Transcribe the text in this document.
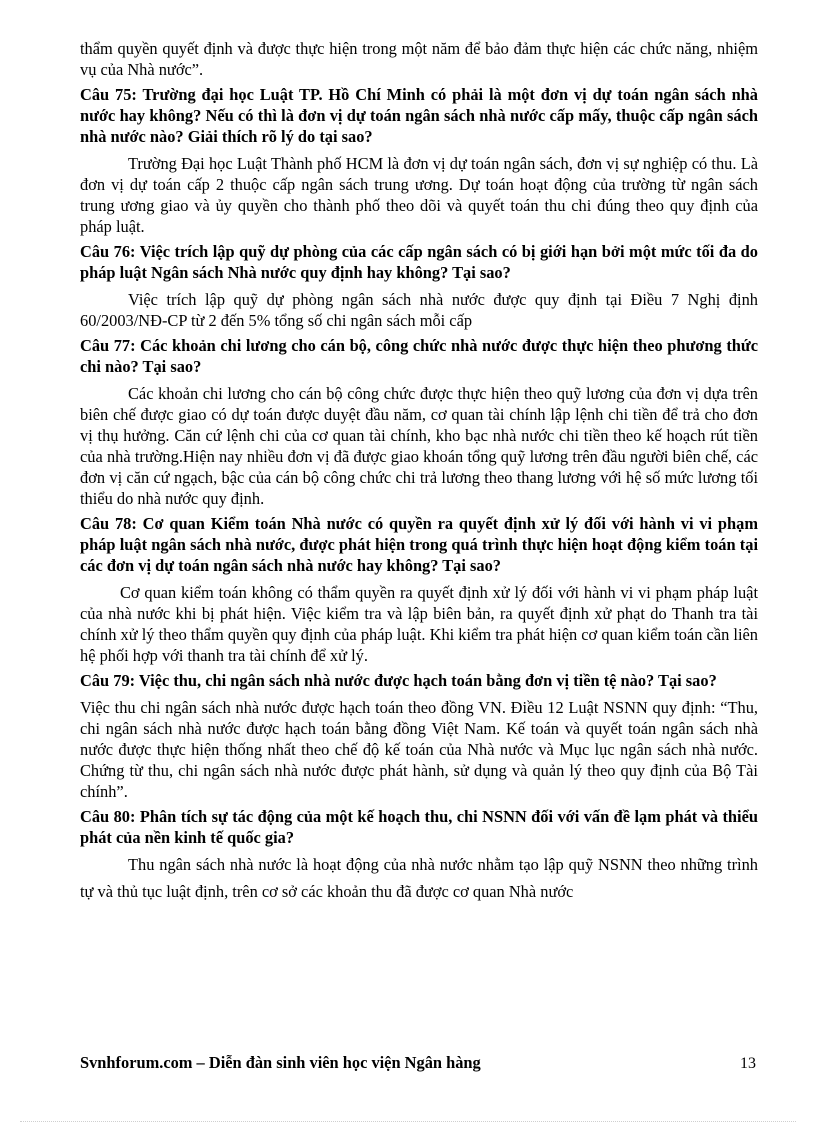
thẩm quyền quyết định và được thực hiện trong một năm để bảo đảm thực hiện các chức năng, nhiệm vụ của Nhà nước”.

Câu 75: Trường đại học Luật TP. Hồ Chí Minh có phải là một đơn vị dự toán ngân sách nhà nước hay không? Nếu có thì là đơn vị dự toán ngân sách nhà nước cấp mấy, thuộc cấp ngân sách nhà nước nào? Giải thích rõ lý do tại sao?

Trường Đại học Luật Thành phố HCM là đơn vị dự toán ngân sách, đơn vị sự nghiệp có thu. Là đơn vị dự toán cấp 2 thuộc cấp ngân sách trung ương. Dự toán hoạt động của trường từ ngân sách trung ương giao và ủy quyền cho thành phố theo dõi và quyết toán thu chi đúng theo quy định của pháp luật.

Câu 76: Việc trích lập quỹ dự phòng của các cấp ngân sách có bị giới hạn bởi một mức tối đa do pháp luật Ngân sách Nhà nước quy định hay không? Tại sao?

Việc trích lập quỹ dự phòng ngân sách nhà nước được quy định tại Điều 7 Nghị định 60/2003/NĐ-CP từ 2 đến 5% tổng số chi ngân sách mỗi cấp

Câu 77: Các khoản chi lương cho cán bộ, công chức nhà nước được thực hiện theo phương thức chi nào? Tại sao?

Các khoản chi lương cho cán bộ công chức được thực hiện theo quỹ lương của đơn vị dựa trên biên chế được giao có dự toán được duyệt đầu năm, cơ quan tài chính lập lệnh chi tiền để trả cho đơn vị thụ hưởng. Căn cứ lệnh chi của cơ quan tài chính, kho bạc nhà nước chi tiền theo kế hoạch rút tiền của nhà trường.Hiện nay nhiều đơn vị đã được giao khoán tổng quỹ lương trên đầu người biên chế, các đơn vị căn cứ ngạch, bậc của cán bộ công chức chi trả lương theo thang lương với hệ số mức lương tối thiểu do nhà nước quy định.

Câu 78: Cơ quan Kiểm toán Nhà nước có quyền ra quyết định xử lý đối với hành vi vi phạm pháp luật ngân sách nhà nước, được phát hiện trong quá trình thực hiện hoạt động kiểm toán tại các đơn vị dự toán ngân sách nhà nước hay không? Tại sao?

Cơ quan kiểm toán không có thẩm quyền ra quyết định xử lý đối với hành vi vi phạm pháp luật của nhà nước khi bị phát hiện. Việc kiểm tra và lập biên bản, ra quyết định xử phạt do Thanh tra tài chính xử lý theo thẩm quyền quy định của pháp luật. Khi kiểm tra phát hiện cơ quan kiểm toán cần liên hệ phối hợp với thanh tra tài chính để xử lý.

Câu 79: Việc thu, chi ngân sách nhà nước được hạch toán bằng đơn vị tiền tệ nào? Tại sao?

Việc thu chi ngân sách nhà nước được hạch toán theo đồng VN. Điều 12 Luật NSNN quy định: “Thu, chi ngân sách nhà nước được hạch toán bằng đồng Việt Nam. Kế toán và quyết toán ngân sách nhà nước được thực hiện thống nhất theo chế độ kế toán của Nhà nước và Mục lục ngân sách nhà nước. Chứng từ thu, chi ngân sách nhà nước được phát hành, sử dụng và quản lý theo quy định của Bộ Tài chính”.

Câu 80: Phân tích sự tác động của một kế hoạch thu, chi NSNN đối với vấn đề lạm phát và thiểu phát của nền kinh tế quốc gia?

Thu ngân sách nhà nước là hoạt động của nhà nước nhằm tạo lập quỹ NSNN theo những trình tự và thủ tục luật định, trên cơ sở các khoản thu đã được cơ quan Nhà nước

Svnhforum.com – Diễn đàn sinh viên học viện Ngân hàng	13
